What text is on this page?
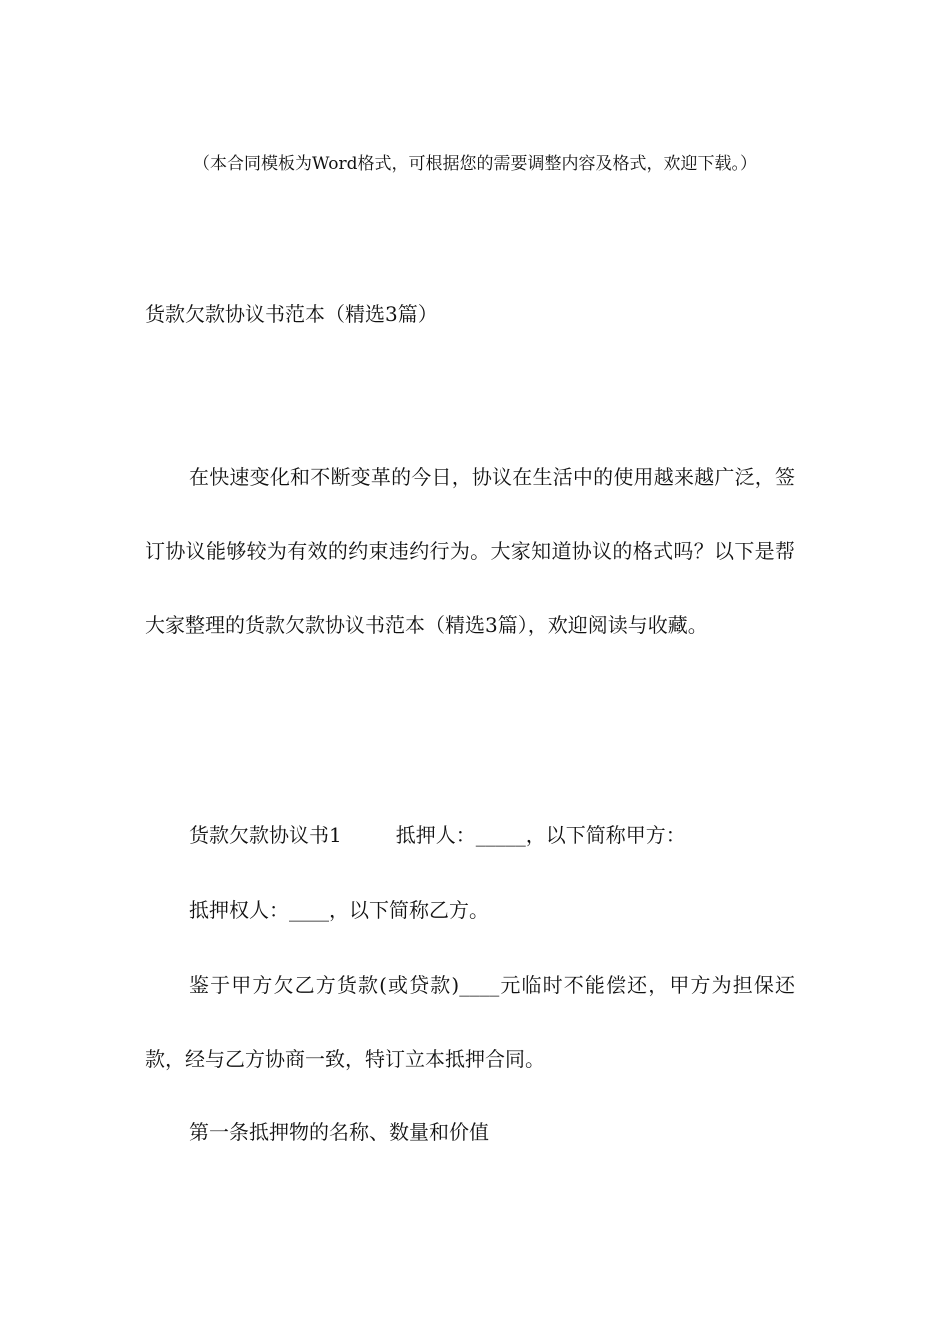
（本合同模板为Word格式，可根据您的需要调整内容及格式，欢迎下载。）
货款欠款协议书范本（精选3篇）

在快速变化和不断变革的今日，协议在生活中的使用越来越广泛，签订协议能够较为有效的约束违约行为。大家知道协议的格式吗？以下是帮大家整理的货款欠款协议书范本（精选3篇），欢迎阅读与收藏。

货款欠款协议书1	抵押人：_____，以下简称甲方：

抵押权人：____，以下简称乙方。

鉴于甲方欠乙方货款(或贷款)____元临时不能偿还，甲方为担保还款，经与乙方协商一致，特订立本抵押合同。

第一条抵押物的名称、数量和价值
